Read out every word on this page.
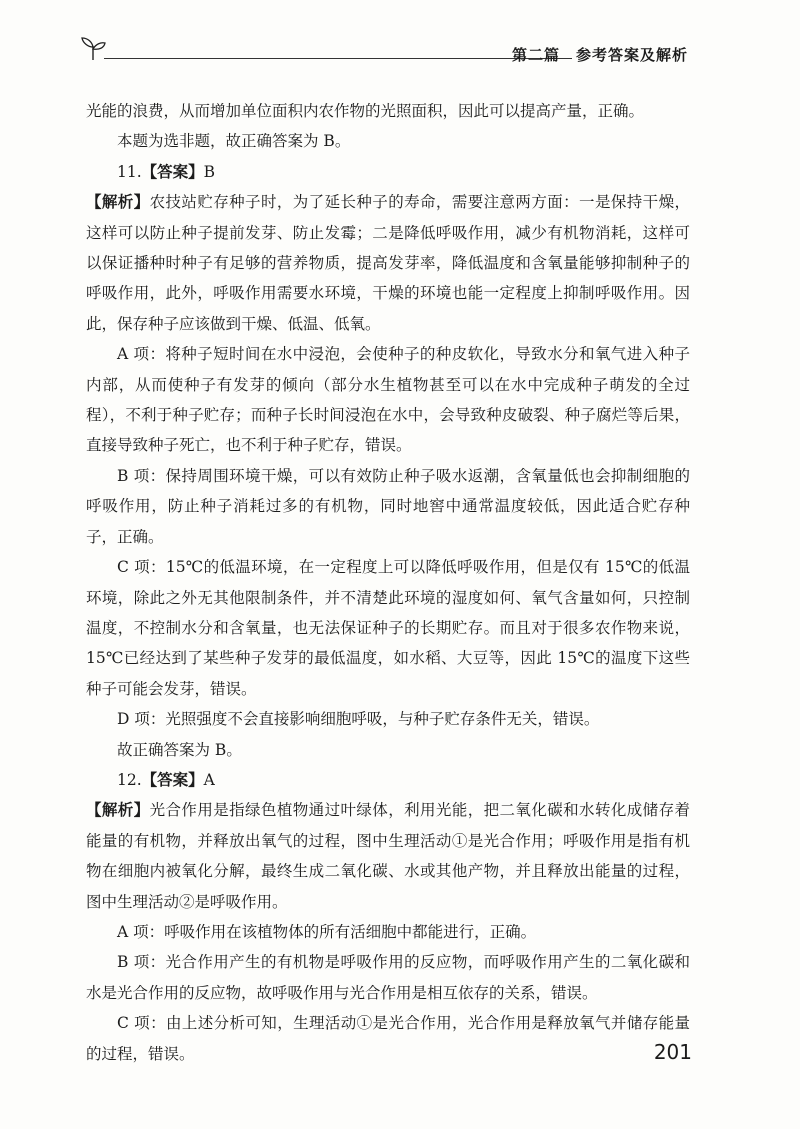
第二篇　参考答案及解析

光能的浪费，从而增加单位面积内农作物的光照面积，因此可以提高产量，正确。

本题为选非题，故正确答案为 B。

11.【答案】B

【解析】农技站贮存种子时，为了延长种子的寿命，需要注意两方面：一是保持干燥，这样可以防止种子提前发芽、防止发霉；二是降低呼吸作用，减少有机物消耗，这样可以保证播种时种子有足够的营养物质，提高发芽率，降低温度和含氧量能够抑制种子的呼吸作用，此外，呼吸作用需要水环境，干燥的环境也能一定程度上抑制呼吸作用。因此，保存种子应该做到干燥、低温、低氧。

A 项：将种子短时间在水中浸泡，会使种子的种皮软化，导致水分和氧气进入种子内部，从而使种子有发芽的倾向（部分水生植物甚至可以在水中完成种子萌发的全过程），不利于种子贮存；而种子长时间浸泡在水中，会导致种皮破裂、种子腐烂等后果，直接导致种子死亡，也不利于种子贮存，错误。

B 项：保持周围环境干燥，可以有效防止种子吸水返潮，含氧量低也会抑制细胞的呼吸作用，防止种子消耗过多的有机物，同时地窖中通常温度较低，因此适合贮存种子，正确。

C 项：15℃的低温环境，在一定程度上可以降低呼吸作用，但是仅有 15℃的低温环境，除此之外无其他限制条件，并不清楚此环境的湿度如何、氧气含量如何，只控制温度，不控制水分和含氧量，也无法保证种子的长期贮存。而且对于很多农作物来说，15℃已经达到了某些种子发芽的最低温度，如水稻、大豆等，因此 15℃的温度下这些种子可能会发芽，错误。

D 项：光照强度不会直接影响细胞呼吸，与种子贮存条件无关，错误。

故正确答案为 B。

12.【答案】A

【解析】光合作用是指绿色植物通过叶绿体，利用光能，把二氧化碳和水转化成储存着能量的有机物，并释放出氧气的过程，图中生理活动①是光合作用；呼吸作用是指有机物在细胞内被氧化分解，最终生成二氧化碳、水或其他产物，并且释放出能量的过程，图中生理活动②是呼吸作用。

A 项：呼吸作用在该植物体的所有活细胞中都能进行，正确。

B 项：光合作用产生的有机物是呼吸作用的反应物，而呼吸作用产生的二氧化碳和水是光合作用的反应物，故呼吸作用与光合作用是相互依存的关系，错误。

C 项：由上述分析可知，生理活动①是光合作用，光合作用是释放氧气并储存能量的过程，错误。	201
